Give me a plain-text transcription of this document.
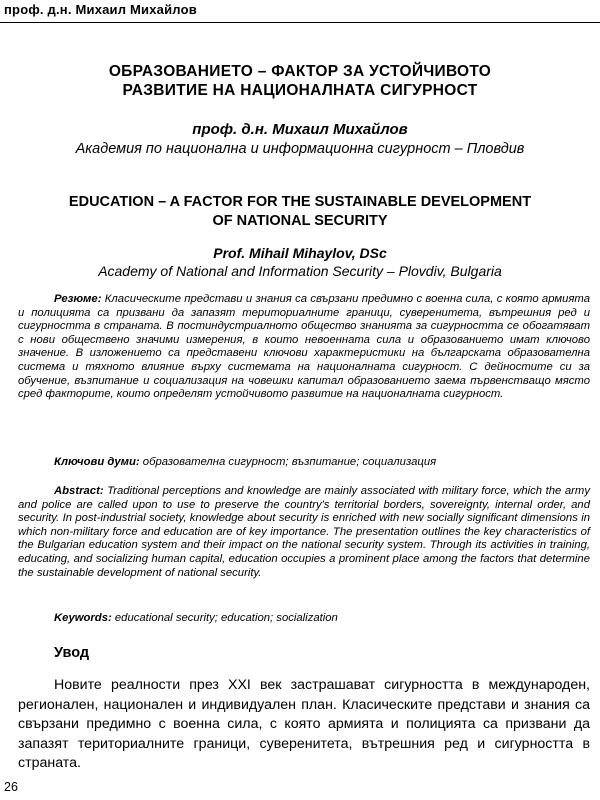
проф. д.н. Михаил Михайлов
ОБРАЗОВАНИЕТО – ФАКТОР ЗА УСТОЙЧИВОТО
РАЗВИТИЕ НА НАЦИОНАЛНАТА СИГУРНОСТ
проф. д.н. Михаил Михайлов
Академия по национална и информационна сигурност – Пловдив
EDUCATION – A FACTOR FOR THE SUSTAINABLE DEVELOPMENT
OF NATIONAL SECURITY
Prof. Mihail Mihaylov, DSc
Academy of National and Information Security – Plovdiv, Bulgaria
Резюме: Класическите представи и знания са свързани предимно с военна сила, с която армията и полицията са призвани да запазят териториалните граници, суверенитета, вътрешния ред и сигурността в страната. В постиндустриалното общество знанията за сигурността се обогатяват с нови обществено значими измерения, в които невоенната сила и образованието имат ключово значение. В изложението са представени ключови характеристики на българската образователна система и тяхното влияние върху системата на националната сигурност. С дейностите си за обучение, възпитание и социализация на човешки капитал образованието заема първенстващо място сред факторите, които определят устойчивото развитие на националната сигурност.
Ключови думи: образователна сигурност; възпитание; социализация
Abstract: Traditional perceptions and knowledge are mainly associated with military force, which the army and police are called upon to use to preserve the country's territorial borders, sovereignty, internal order, and security. In post-industrial society, knowledge about security is enriched with new socially significant dimensions in which non-military force and education are of key importance. The presentation outlines the key characteristics of the Bulgarian education system and their impact on the national security system. Through its activities in training, educating, and socializing human capital, education occupies a prominent place among the factors that determine the sustainable development of national security.
Keywords: educational security; education; socialization
Увод
Новите реалности през XXI век застрашават сигурността в международен, регионален, национален и индивидуален план. Класическите представи и знания са свързани предимно с военна сила, с която армията и полицията са призвани да запазят териториалните граници, суверенитета, вътрешния ред и сигурността в страната.
26
